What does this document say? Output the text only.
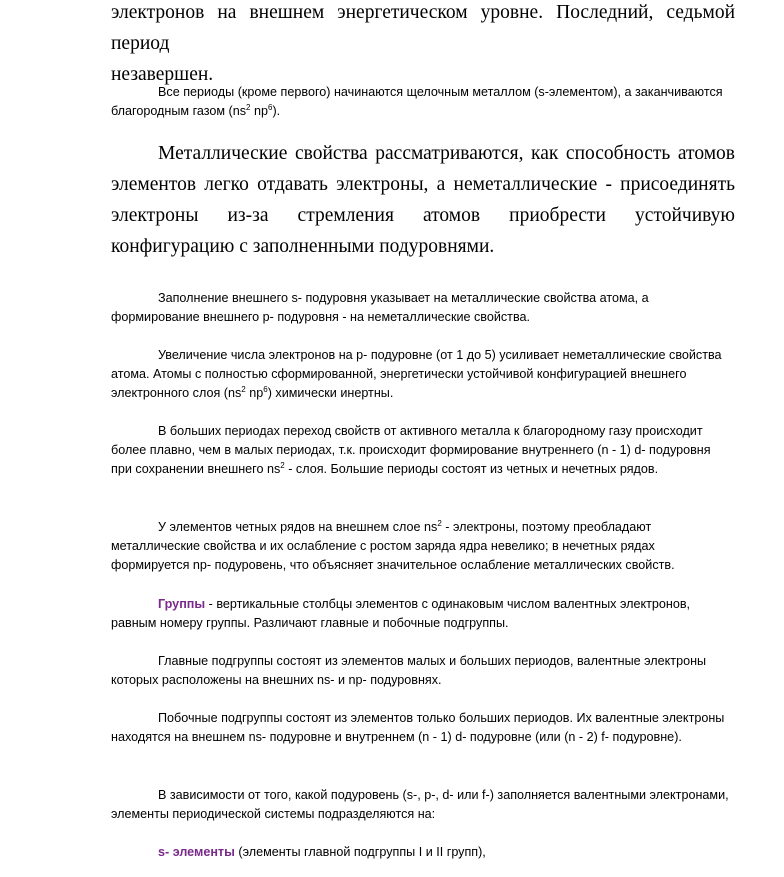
электронов на внешнем энергетическом уровне. Последний, седьмой период
незавершен.
Все периоды (кроме первого) начинаются щелочным металлом (s-элементом), а заканчиваются благородным газом ($ns^2$ $np^6$).
Металлические свойства рассматриваются, как способность атомов элементов легко отдавать электроны, а неметаллические - присоединять электроны из-за стремления атомов приобрести устойчивую конфигурацию с заполненными подуровнями.
Заполнение внешнего s- подуровня указывает на металлические свойства атома, а формирование внешнего p- подуровня - на неметаллические свойства.
Увеличение числа электронов на p- подуровне (от 1 до 5) усиливает неметаллические свойства атома. Атомы с полностью сформированной, энергетически устойчивой конфигурацией внешнего электронного слоя ($ns^2$ $np^6$) химически инертны.
В больших периодах переход свойств от активного металла к благородному газу происходит более плавно, чем в малых периодах, т.к. происходит формирование внутреннего (n - 1) d- подуровня при сохранении внешнего $ns^2$ - слоя. Большие периоды состоят из четных и нечетных рядов.
У элементов четных рядов на внешнем слое $ns^2$ - электроны, поэтому преобладают металлические свойства и их ослабление с ростом заряда ядра невелико; в нечетных рядах формируется np- подуровень, что объясняет значительное ослабление металлических свойств.
Группы - вертикальные столбцы элементов с одинаковым числом валентных электронов, равным номеру группы. Различают главные и побочные подгруппы.
Главные подгруппы состоят из элементов малых и больших периодов, валентные электроны которых расположены на внешних ns- и np- подуровнях.
Побочные подгруппы состоят из элементов только больших периодов. Их валентные электроны находятся на внешнем ns- подуровне и внутреннем (n - 1) d- подуровне (или (n - 2) f- подуровне).
В зависимости от того, какой подуровень (s-, p-, d- или f-) заполняется валентными электронами, элементы периодической системы подразделяются на:
s- элементы (элементы главной подгруппы I и II групп),
